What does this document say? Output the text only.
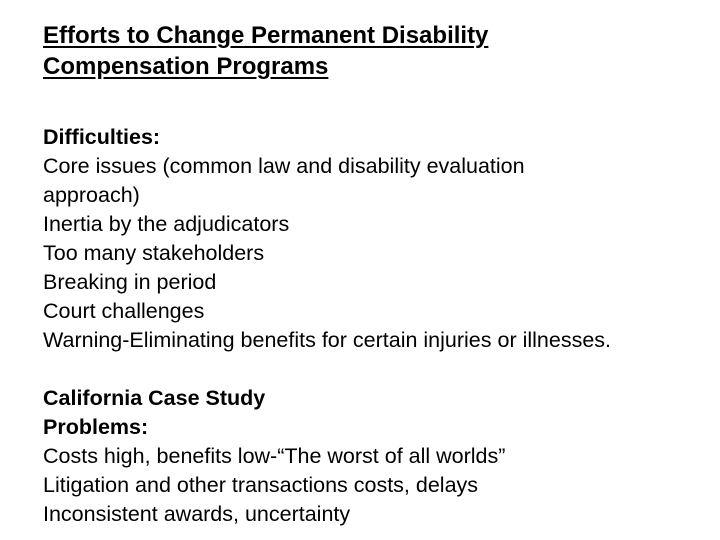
Efforts to Change Permanent Disability
Compensation Programs
Difficulties:
Core issues (common law and disability evaluation
approach)
Inertia by the adjudicators
Too many stakeholders
Breaking in period
Court challenges
Warning-Eliminating benefits for certain injuries or illnesses.
California Case Study
Problems:
Costs high, benefits low-“The worst of all worlds”
Litigation and other transactions costs, delays
Inconsistent awards, uncertainty
